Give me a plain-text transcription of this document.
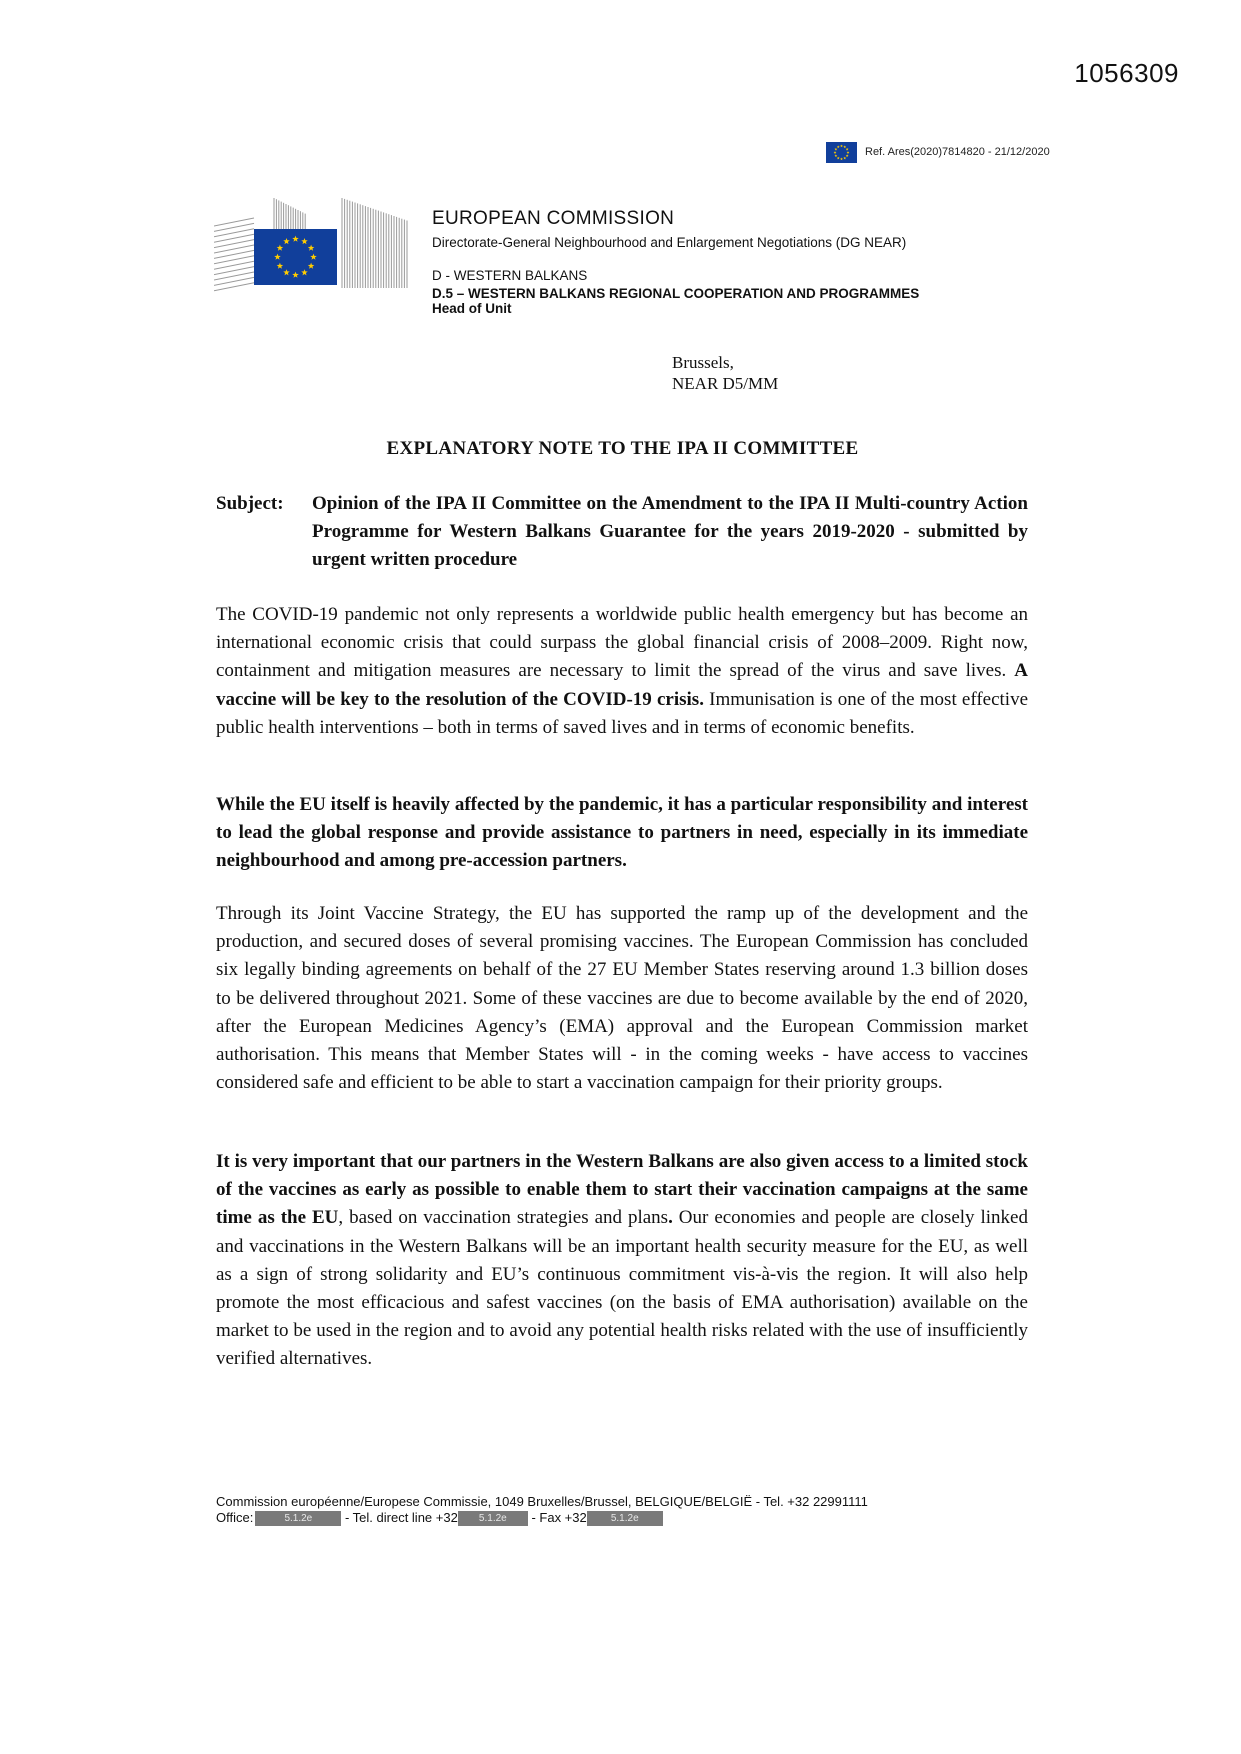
1056309
Ref. Ares(2020)7814820 - 21/12/2020
EUROPEAN COMMISSION
Directorate-General Neighbourhood and Enlargement Negotiations (DG NEAR)
D - WESTERN BALKANS
D.5 – WESTERN BALKANS REGIONAL COOPERATION AND PROGRAMMES
Head of Unit
Brussels,
NEAR D5/MM
EXPLANATORY NOTE TO THE IPA II COMMITTEE
Subject:	Opinion of the IPA II Committee on the Amendment to the IPA II Multi-country Action Programme for Western Balkans Guarantee for the years 2019-2020 - submitted by urgent written procedure

The COVID-19 pandemic not only represents a worldwide public health emergency but has become an international economic crisis that could surpass the global financial crisis of 2008–2009. Right now, containment and mitigation measures are necessary to limit the spread of the virus and save lives. A vaccine will be key to the resolution of the COVID-19 crisis. Immunisation is one of the most effective public health interventions – both in terms of saved lives and in terms of economic benefits.

While the EU itself is heavily affected by the pandemic, it has a particular responsibility and interest to lead the global response and provide assistance to partners in need, especially in its immediate neighbourhood and among pre-accession partners.

Through its Joint Vaccine Strategy, the EU has supported the ramp up of the development and the production, and secured doses of several promising vaccines. The European Commission has concluded six legally binding agreements on behalf of the 27 EU Member States reserving around 1.3 billion doses to be delivered throughout 2021. Some of these vaccines are due to become available by the end of 2020, after the European Medicines Agency’s (EMA) approval and the European Commission market authorisation. This means that Member States will - in the coming weeks - have access to vaccines considered safe and efficient to be able to start a vaccination campaign for their priority groups.

It is very important that our partners in the Western Balkans are also given access to a limited stock of the vaccines as early as possible to enable them to start their vaccination campaigns at the same time as the EU, based on vaccination strategies and plans. Our economies and people are closely linked and vaccinations in the Western Balkans will be an important health security measure for the EU, as well as a sign of strong solidarity and EU’s continuous commitment vis-à-vis the region. It will also help promote the most efficacious and safest vaccines (on the basis of EMA authorisation) available on the market to be used in the region and to avoid any potential health risks related with the use of insufficiently verified alternatives.

Commission européenne/Europese Commissie, 1049 Bruxelles/Brussel, BELGIQUE/BELGIË - Tel. +32 22991111
Office:	5.1.2e	- Tel. direct line +32 5.1.2e - Fax +32 5.1.2e
